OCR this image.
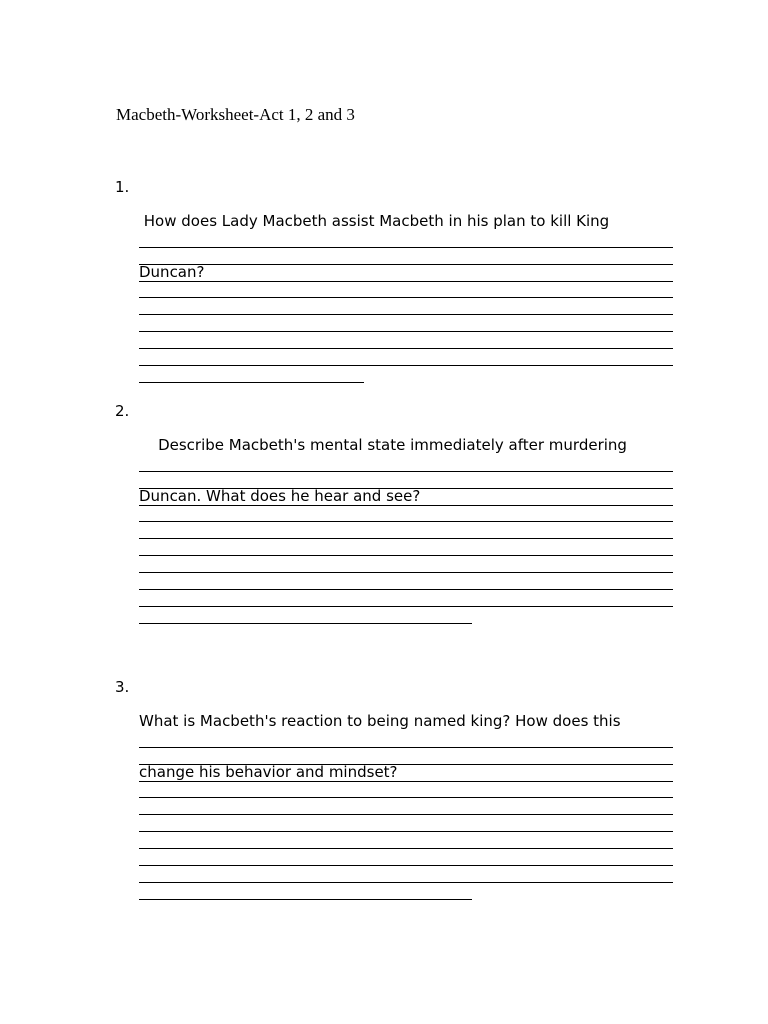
Macbeth-Worksheet-Act 1, 2 and 3
1.

How does Lady Macbeth assist Macbeth in his plan to kill King

Duncan?

2.

Describe Macbeth's mental state immediately after murdering

Duncan. What does he hear and see?

3.

What is Macbeth's reaction to being named king? How does this

change his behavior and mindset?
